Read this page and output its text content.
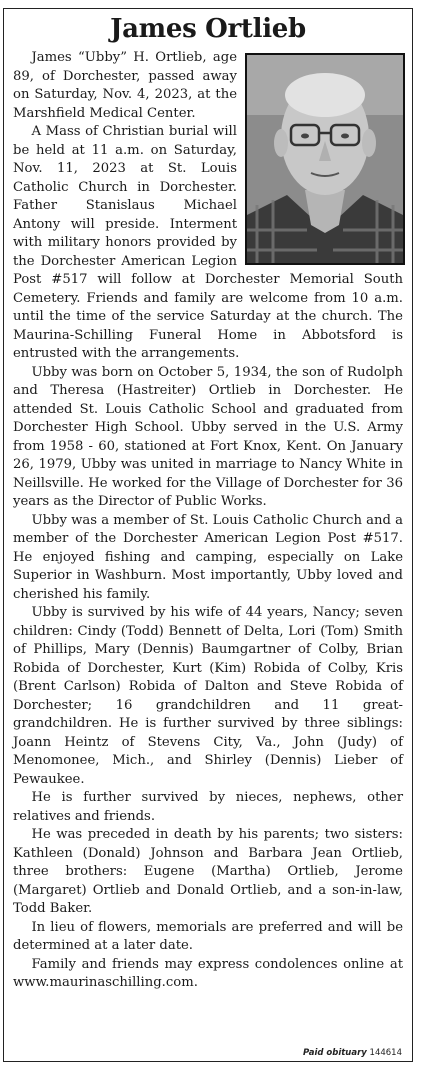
James Ortlieb

James “Ubby” H. Ortlieb, age 89, of Dorchester, passed away on Saturday, Nov. 4, 2023, at the Marshfield Medical Center.

A Mass of Christian burial will be held at 11 a.m. on Saturday, Nov. 11, 2023 at St. Louis Catholic Church in Dorchester. Father Stanislaus Michael Antony will preside. Interment with military honors provided by the Dorchester American Legion Post #517 will follow at Dorchester Memorial South Cemetery. Friends and family are welcome from 10 a.m. until the time of the service Saturday at the church. The Maurina-Schilling Funeral Home in Abbotsford is entrusted with the arrangements.

Ubby was born on October 5, 1934, the son of Rudolph and Theresa (Hastreiter) Ortlieb in Dorchester. He attended St. Louis Catholic School and graduated from Dorchester High School. Ubby served in the U.S. Army from 1958 - 60, stationed at Fort Knox, Kent. On January 26, 1979, Ubby was united in marriage to Nancy White in Neillsville. He worked for the Village of Dorchester for 36 years as the Director of Public Works.

Ubby was a member of St. Louis Catholic Church and a member of the Dorchester American Legion Post #517. He enjoyed fishing and camping, especially on Lake Superior in Washburn. Most importantly, Ubby loved and cherished his family.

Ubby is survived by his wife of 44 years, Nancy; seven children: Cindy (Todd) Bennett of Delta, Lori (Tom) Smith of Phillips, Mary (Dennis) Baumgartner of Colby, Brian Robida of Dorchester, Kurt (Kim) Robida of Colby, Kris (Brent Carlson) Robida of Dalton and Steve Robida of Dorchester; 16 grandchildren and 11 great-grandchildren. He is further survived by three siblings: Joann Heintz of Stevens City, Va., John (Judy) of Menomonee, Mich., and Shirley (Dennis) Lieber of Pewaukee.

He is further survived by nieces, nephews, other relatives and friends.

He was preceded in death by his parents; two sisters: Kathleen (Donald) Johnson and Barbara Jean Ortlieb, three brothers: Eugene (Martha) Ortlieb, Jerome (Margaret) Ortlieb and Donald Ortlieb, and a son-in-law, Todd Baker.

In lieu of flowers, memorials are preferred and will be determined at a later date.

Family and friends may express condolences online at www.maurinaschilling.com.

Paid obituary 144614
